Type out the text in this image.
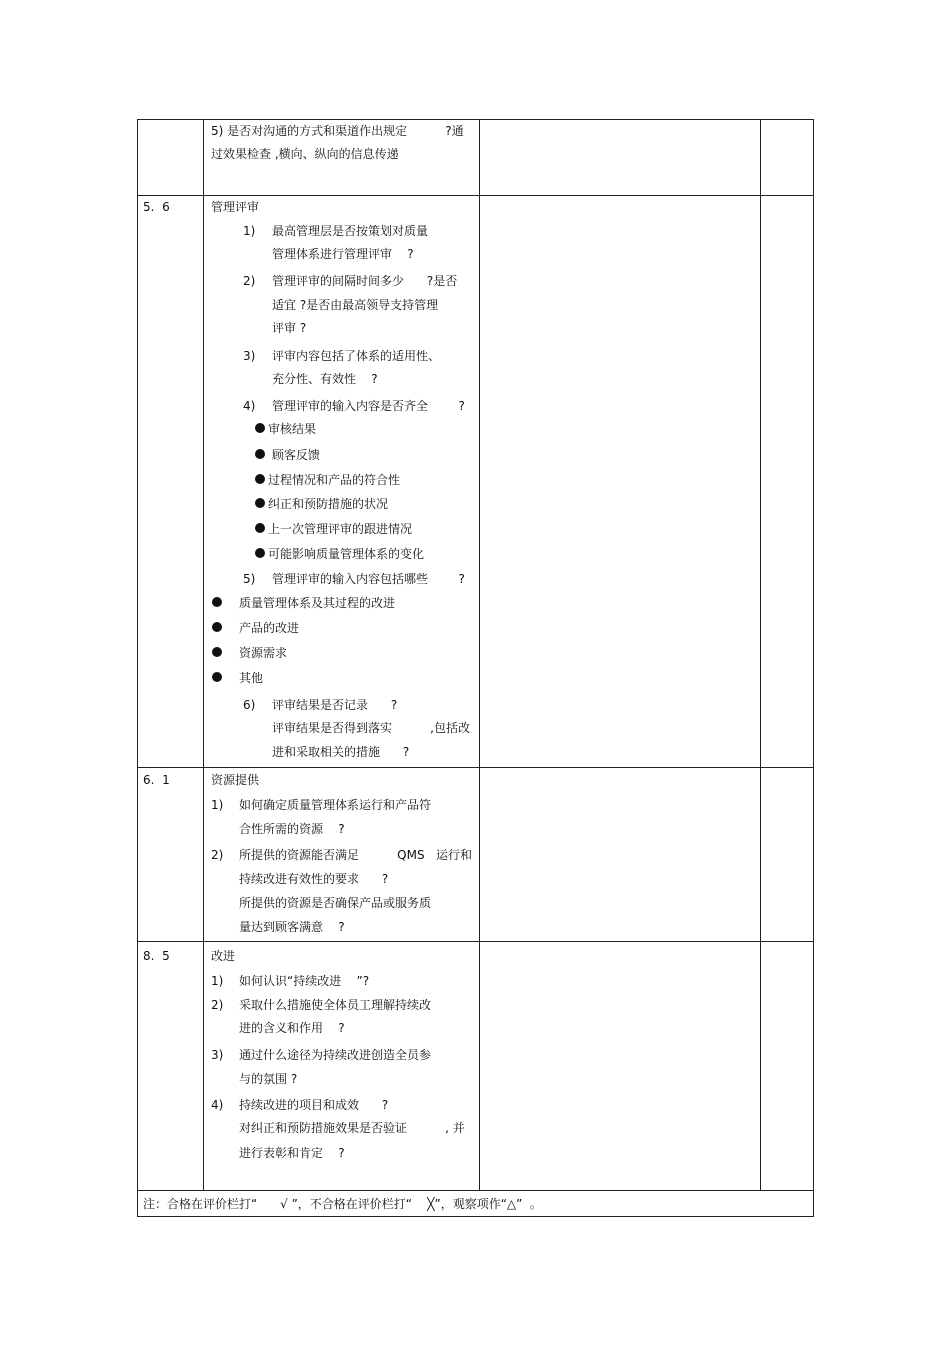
5) 是否对沟通的方式和渠道作出规定          ?通
过效果检查 ,横向、纵向的信息传递
5.  6	管理评审
1) 最高管理层是否按策划对质量
管理体系进行管理评审    ?
2) 管理评审的间隔时间多少      ?是否
适宜 ?是否由最高领导支持管理
评审 ?
3) 评审内容包括了体系的适用性、
充分性、有效性    ?
4) 管理评审的输入内容是否齐全        ?
审核结果
顾客反馈
过程情况和产品的符合性
纠正和预防措施的状况
上一次管理评审的跟进情况
可能影响质量管理体系的变化
5) 管理评审的输入内容包括哪些        ?
质量管理体系及其过程的改进
产品的改进
资源需求
其他
6) 评审结果是否记录      ?
评审结果是否得到落实          ,包括改
进和采取相关的措施      ?
6.  1	资源提供
1) 如何确定质量管理体系运行和产品符
合性所需的资源    ?
2) 所提供的资源能否满足          QMS   运行和
持续改进有效性的要求      ?
所提供的资源是否确保产品或服务质
量达到顾客满意    ?
8.  5	改进
1) 如何认识“持续改进    ”?
2) 采取什么措施使全体员工理解持续改
进的含义和作用    ?
3) 通过什么途径为持续改进创造全员参
与的氛围 ?
4) 持续改进的项目和成效      ?
对纠正和预防措施效果是否验证          , 并
进行表彰和肯定    ?
注：合格在评价栏打“      √ ”，不合格在评价栏打“    ╳”，观察项作“△”  。
